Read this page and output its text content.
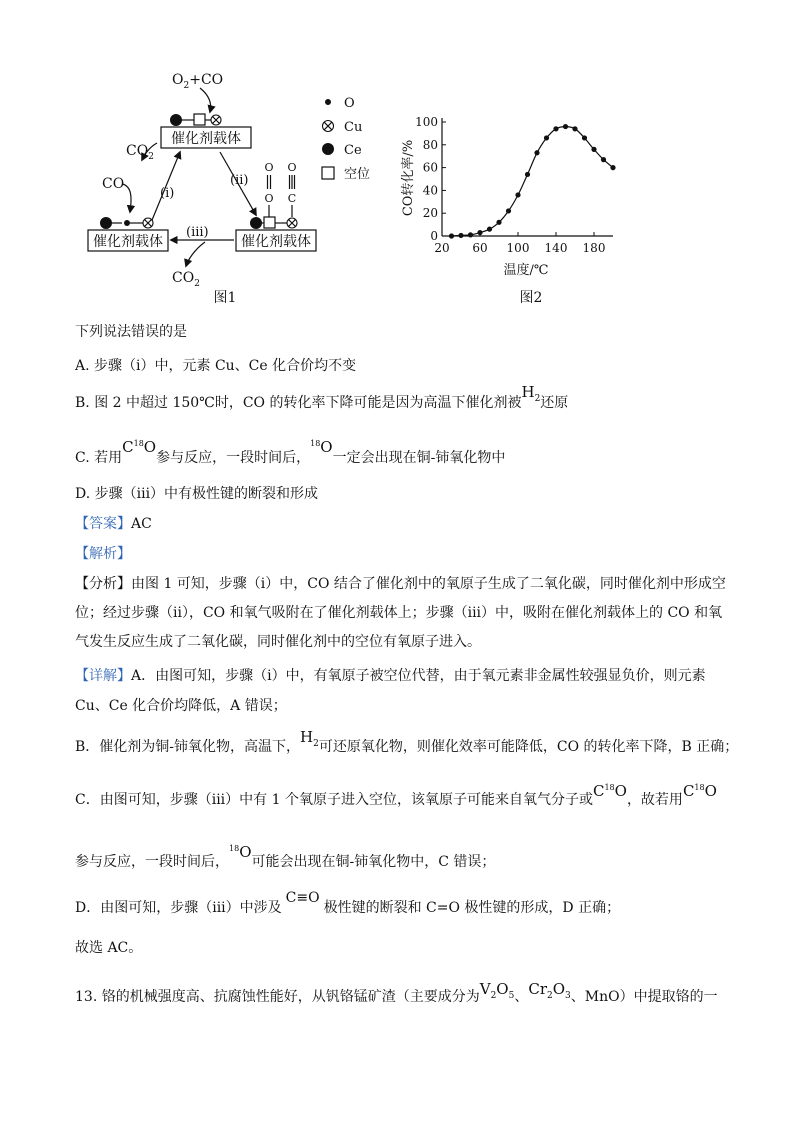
$O_2+CO$
催化剂载体
$CO_2$
(i)
(ii)
CO
催化剂载体
O O
O C
催化剂载体
(iii)
$CO_2$
图1
O
Cu
Ce
空位
0
20
40
60
80
100
20 60 100 140 180
CO转化率/%
温度/℃
图2
下列说法错误的是
A. 步骤（i）中，元素 Cu、Ce 化合价均不变
B. 图 2 中超过 150℃时，CO 的转化率下降可能是因为高温下催化剂被$H_2$还原
C. 若用$C^{18}O$参与反应，一段时间后，$^{18}$O一定会出现在铜-铈氧化物中
D. 步骤（iii）中有极性键的断裂和形成
【答案】AC
【解析】
【分析】由图 1 可知，步骤（i）中，CO 结合了催化剂中的氧原子生成了二氧化碳，同时催化剂中形成空
位；经过步骤（ii），CO 和氧气吸附在了催化剂载体上；步骤（iii）中，吸附在催化剂载体上的 CO 和氧
气发生反应生成了二氧化碳，同时催化剂中的空位有氧原子进入。
【详解】A．由图可知，步骤（i）中，有氧原子被空位代替，由于氧元素非金属性较强显负价，则元素
Cu、Ce 化合价均降低，A 错误；
B．催化剂为铜-铈氧化物，高温下，$H_2$可还原氧化物，则催化效率可能降低，CO 的转化率下降，B 正确；
C．由图可知，步骤（iii）中有 1 个氧原子进入空位，该氧原子可能来自氧气分子或$C^{18}O$，故若用$C^{18}O$
参与反应，一段时间后，$^{18}$O可能会出现在铜-铈氧化物中，C 错误；
D．由图可知，步骤（iii）中涉及C≡O极性键的断裂和 C=O 极性键的形成，D 正确；
故选 AC。
13. 铬的机械强度高、抗腐蚀性能好，从钒铬锰矿渣（主要成分为$V_2O_5$、$Cr_2O_3$、MnO）中提取铬的一
